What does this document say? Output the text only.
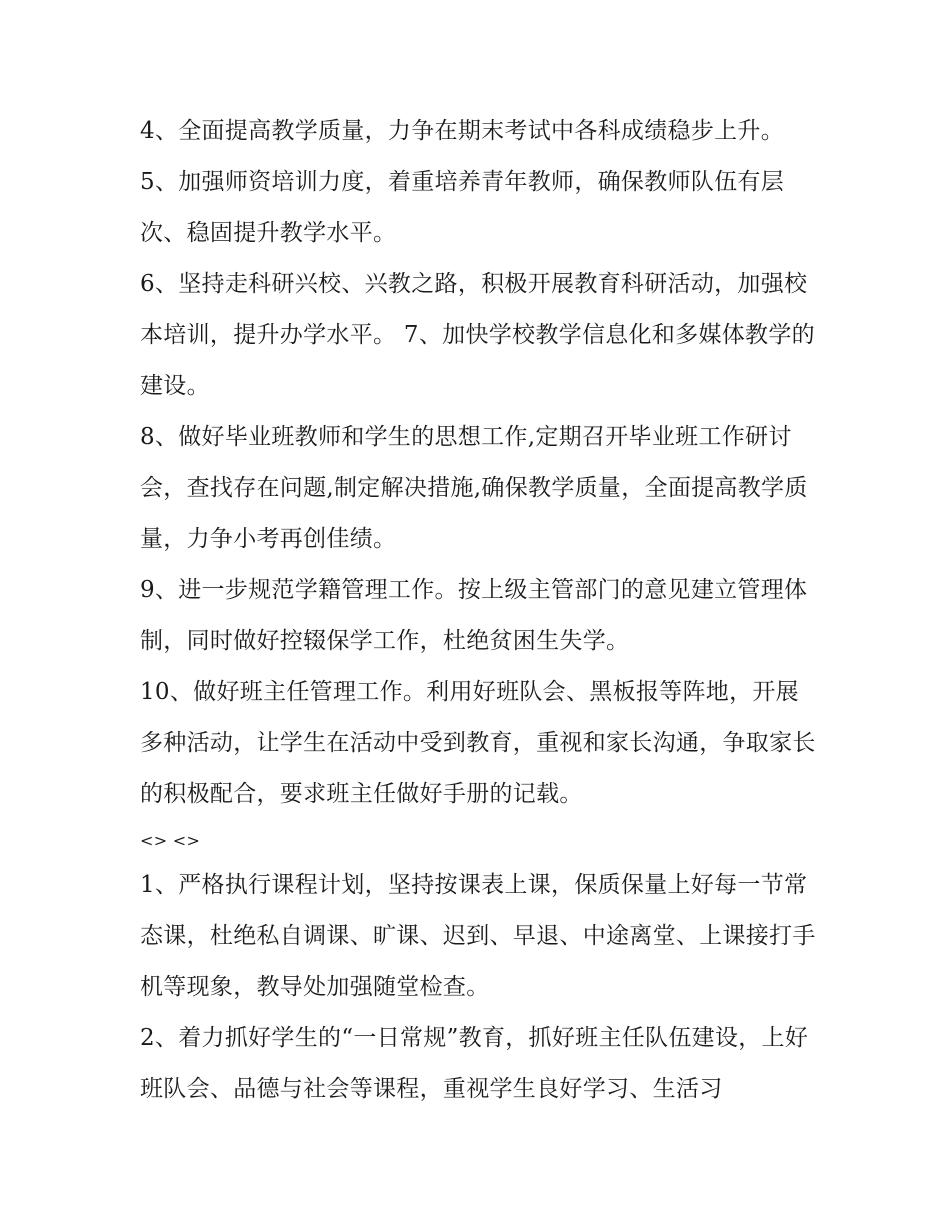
4、全面提高教学质量，力争在期末考试中各科成绩稳步上升。 5、加强师资培训力度，着重培养青年教师，确保教师队伍有层次、稳固提升教学水平。

6、坚持走科研兴校、兴教之路，积极开展教育科研活动，加强校本培训，提升办学水平。 7、加快学校教学信息化和多媒体教学的建设。

8、做好毕业班教师和学生的思想工作,定期召开毕业班工作研讨会，查找存在问题,制定解决措施,确保教学质量，全面提高教学质量，力争小考再创佳绩。

9、进一步规范学籍管理工作。按上级主管部门的意见建立管理体制，同时做好控辍保学工作，杜绝贫困生失学。

10、做好班主任管理工作。利用好班队会、黑板报等阵地，开展多种活动，让学生在活动中受到教育，重视和家长沟通，争取家长的积极配合，要求班主任做好手册的记载。

<> <>

1、严格执行课程计划，坚持按课表上课，保质保量上好每一节常态课，杜绝私自调课、旷课、迟到、早退、中途离堂、上课接打手机等现象，教导处加强随堂检查。

2、着力抓好学生的“一日常规”教育，抓好班主任队伍建设，上好班队会、品德与社会等课程，重视学生良好学习、生活习
